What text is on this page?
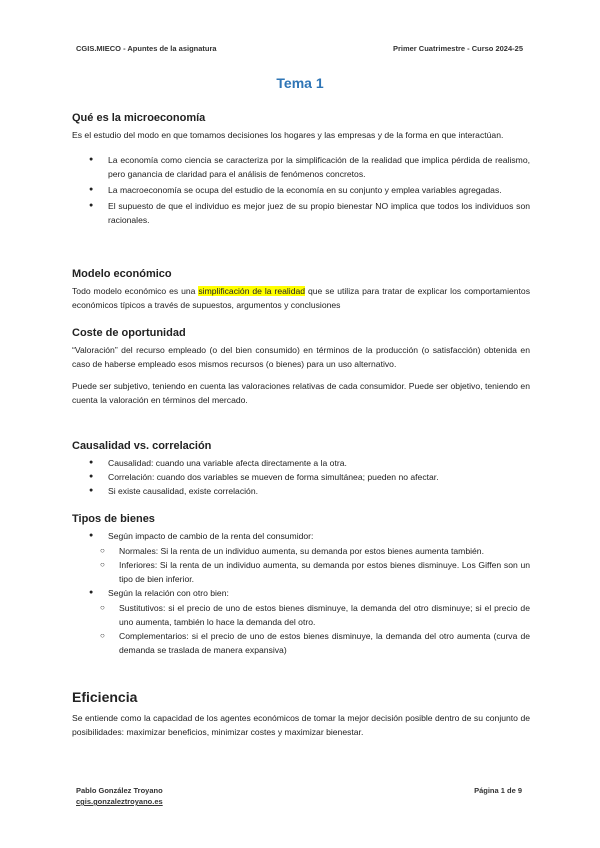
CGIS.MIECO - Apuntes de la asignatura	Primer Cuatrimestre - Curso 2024-25
Tema 1
Qué es la microeconomía

Es el estudio del modo en que tomamos decisiones los hogares y las empresas y de la forma en que interactúan.

● La economía como ciencia se caracteriza por la simplificación de la realidad que implica pérdida de realismo, pero ganancia de claridad para el análisis de fenómenos concretos.
● La macroeconomía se ocupa del estudio de la economía en su conjunto y emplea variables agregadas.
● El supuesto de que el individuo es mejor juez de su propio bienestar NO implica que todos los individuos son racionales.
Modelo económico

Todo modelo económico es una simplificación de la realidad que se utiliza para tratar de explicar los comportamientos económicos típicos a través de supuestos, argumentos y conclusiones

Coste de oportunidad

“Valoración” del recurso empleado (o del bien consumido) en términos de la producción (o satisfacción) obtenida en caso de haberse empleado esos mismos recursos (o bienes) para un uso alternativo.

Puede ser subjetivo, teniendo en cuenta las valoraciones relativas de cada consumidor. Puede ser objetivo, teniendo en cuenta la valoración en términos del mercado.

Causalidad vs. correlación
● Causalidad: cuando una variable afecta directamente a la otra.
● Correlación: cuando dos variables se mueven de forma simultánea; pueden no afectar.
● Si existe causalidad, existe correlación.
Tipos de bienes
● Según impacto de cambio de la renta del consumidor:
○ Normales: Si la renta de un individuo aumenta, su demanda por estos bienes aumenta también.
○ Inferiores: Si la renta de un individuo aumenta, su demanda por estos bienes disminuye. Los Giffen son un tipo de bien inferior.
● Según la relación con otro bien:
○ Sustitutivos: si el precio de uno de estos bienes disminuye, la demanda del otro disminuye; si el precio de uno aumenta, también lo hace la demanda del otro.
○ Complementarios: si el precio de uno de estos bienes disminuye, la demanda del otro aumenta (curva de demanda se traslada de manera expansiva)
Eficiencia

Se entiende como la capacidad de los agentes económicos de tomar la mejor decisión posible dentro de su conjunto de posibilidades: maximizar beneficios, minimizar costes y maximizar bienestar.

Pablo González Troyano
cgis.gonzaleztroyano.es
Página 1 de 9
